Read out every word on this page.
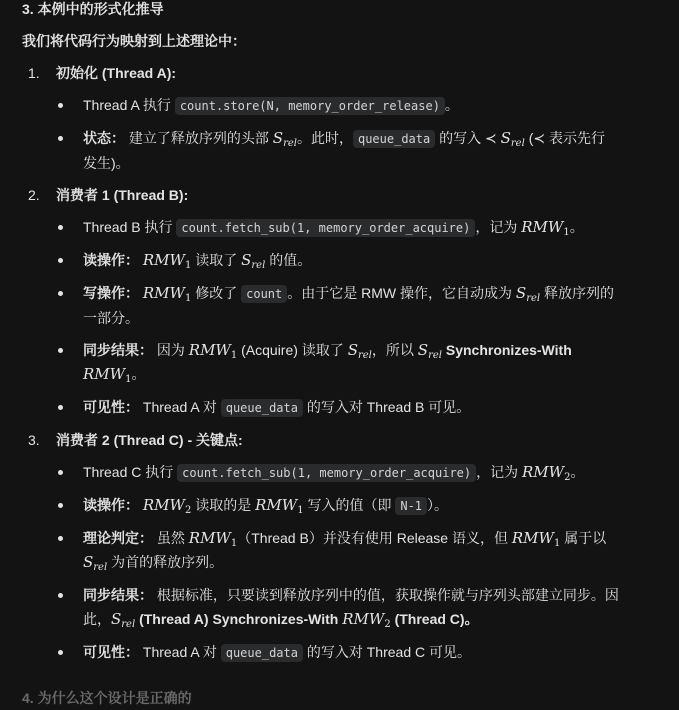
3. 本例中的形式化推导
我们将代码行为映射到上述理论中：
1. 初始化 (Thread A):
Thread A 执行 count.store(N, memory_order_release) 。
状态： 建立了释放序列的头部 $S_{rel}$。此时， queue_data 的写入 ≺ $S_{rel}$ (≺ 表示先行
发生)。
2. 消费者 1 (Thread B):
Thread B 执行 count.fetch_sub(1, memory_order_acquire) ，记为 $RMW_1$。
读操作： $RMW_1$ 读取了 $S_{rel}$ 的值。
写操作： $RMW_1$ 修改了 count 。由于它是 RMW 操作，它自动成为 $S_{rel}$ 释放序列的
一部分。
同步结果： 因为 $RMW_1$ (Acquire) 读取了 $S_{rel}$，所以 $S_{rel}$ Synchronizes-With
$RMW_1$。
可见性： Thread A 对 queue_data 的写入对 Thread B 可见。
3. 消费者 2 (Thread C) - 关键点:
Thread C 执行 count.fetch_sub(1, memory_order_acquire) ，记为 $RMW_2$。
读操作： $RMW_2$ 读取的是 $RMW_1$ 写入的值（即 N-1 ）。
理论判定： 虽然 $RMW_1(Thread$ B）并没有使用 Release 语义，但 $RMW_1$ 属于以
$S_{rel}$ 为首的释放序列。
同步结果： 根据标准，只要读到释放序列中的值，获取操作就与序列头部建立同步。因
此，$S_{rel}$ (Thread A) Synchronizes-With $RMW_2$ (Thread C)。
可见性： Thread A 对 queue_data 的写入对 Thread C 可见。
4. 为什么这个设计是正确的
